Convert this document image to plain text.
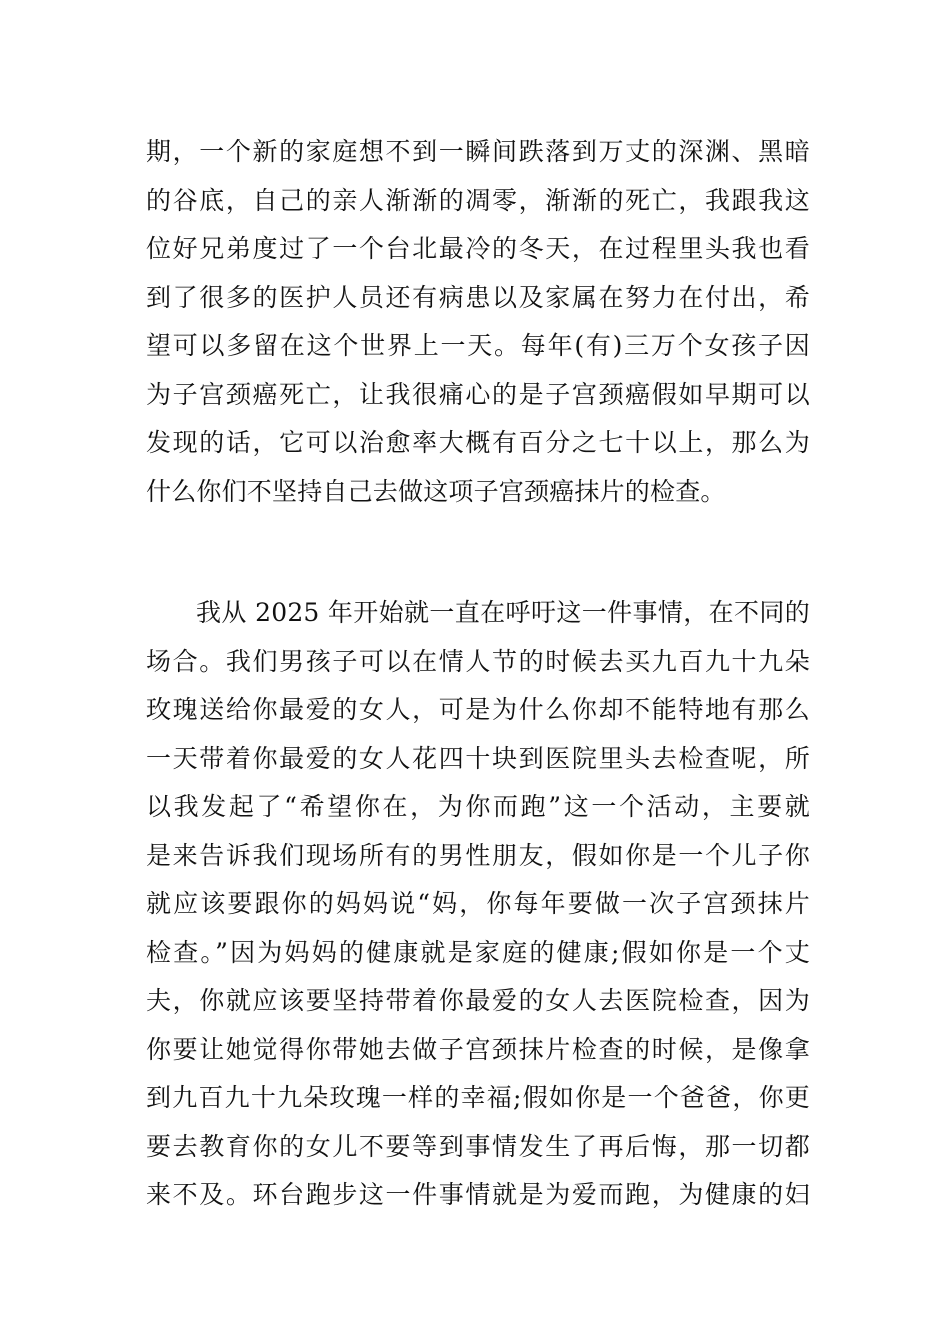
期，一个新的家庭想不到一瞬间跌落到万丈的深渊、黑暗
的谷底，自己的亲人渐渐的凋零，渐渐的死亡，我跟我这
位好兄弟度过了一个台北最冷的冬天，在过程里头我也看
到了很多的医护人员还有病患以及家属在努力在付出，希
望可以多留在这个世界上一天。每年(有)三万个女孩子因
为子宫颈癌死亡，让我很痛心的是子宫颈癌假如早期可以
发现的话，它可以治愈率大概有百分之七十以上，那么为
什么你们不坚持自己去做这项子宫颈癌抹片的检查。
我从 2025 年开始就一直在呼吁这一件事情，在不同的
场合。我们男孩子可以在情人节的时候去买九百九十九朵
玫瑰送给你最爱的女人，可是为什么你却不能特地有那么
一天带着你最爱的女人花四十块到医院里头去检查呢，所
以我发起了“希望你在，为你而跑”这一个活动，主要就
是来告诉我们现场所有的男性朋友，假如你是一个儿子你
就应该要跟你的妈妈说“妈，你每年要做一次子宫颈抹片
检查。”因为妈妈的健康就是家庭的健康;假如你是一个丈
夫，你就应该要坚持带着你最爱的女人去医院检查，因为
你要让她觉得你带她去做子宫颈抹片检查的时候，是像拿
到九百九十九朵玫瑰一样的幸福;假如你是一个爸爸，你更
要去教育你的女儿不要等到事情发生了再后悔，那一切都
来不及。环台跑步这一件事情就是为爱而跑，为健康的妇
